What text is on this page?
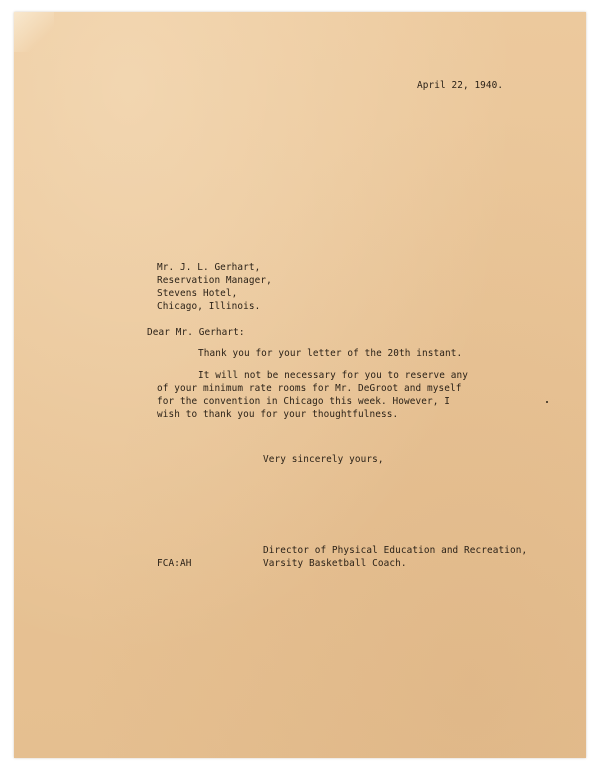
April 22, 1940.
Mr. J. L. Gerhart,
Reservation Manager,
Stevens Hotel,
Chicago, Illinois.
Dear Mr. Gerhart:
Thank you for your letter of the 20th instant.
It will not be necessary for you to reserve any
of your minimum rate rooms for Mr. DeGroot and myself
for the convention in Chicago this week. However, I
wish to thank you for your thoughtfulness.
Very sincerely yours,
Director of Physical Education and Recreation,
Varsity Basketball Coach.
FCA:AH
